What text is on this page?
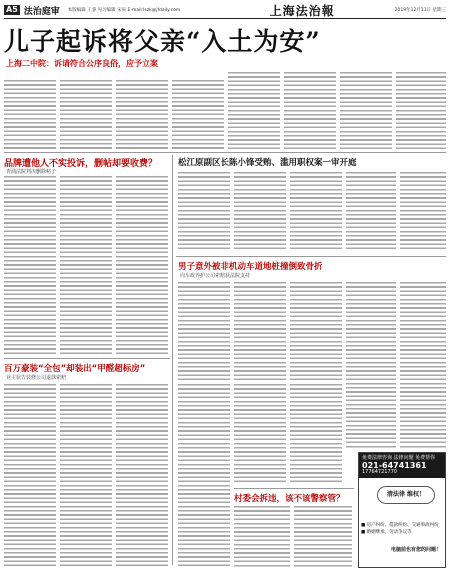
A5 法治庭审 本版编辑 王睿 见习编辑 宋寅 E-mail:lszk@jfdaily.com	上海法治報	2019年12月11日 星期三
儿子起诉将父亲“入土为安”
上海二中院：诉请符合公序良俗，应予立案
品牌遭他人不实投诉，删帖却要收费？
青浦法院判决删除帖子
松江原副区长陈小锋受贿、滥用职权案一审开庭
男子意外被非机动车道地桩撞倒致骨折
向车政养护公司索赔获法院支持
百万豪装“全包”却装出“甲醛超标房”
业主状告装修公司退款索赔
村委会拆违，该不该警察管？
免费法律咨询 法律问题 免费帮你
021-64741361
17764721770
清法律 维权！
■ 房产纠纷、借款纠纷、交通事故纠纷
■ 婚姻继承、劳动争议等
电脑前也有您的问题！
